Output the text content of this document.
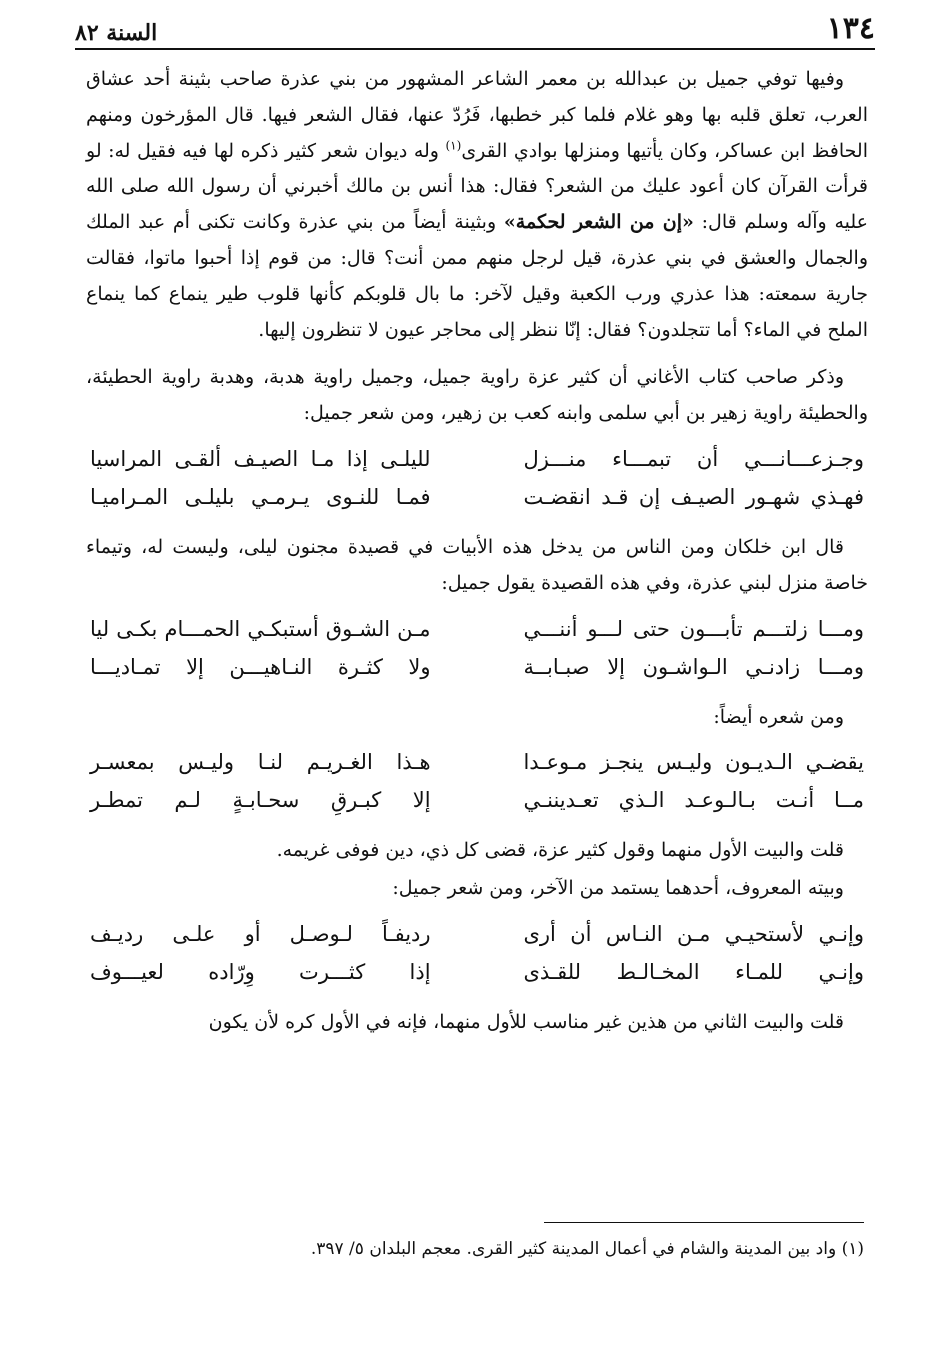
١٣٤
السنة ٨٢

وفيها توفي جميل بن عبدالله بن معمر الشاعر المشهور من بني عذرة صاحب بثينة أحد عشاق العرب، تعلق قلبه بها وهو غلام فلما كبر خطبها، فَرُدّ عنها، فقال الشعر فيها. قال المؤرخون ومنهم الحافظ ابن عساكر، وكان يأتيها ومنزلها بوادي القرى$^{(١)}$ وله ديوان شعر كثير ذكره لها فيه فقيل له: لو قرأت القرآن كان أعود عليك من الشعر؟ فقال: هذا أنس بن مالك أخبرني أن رسول الله صلى الله عليه وآله وسلم قال: «إن من الشعر لحكمة» وبثينة أيضاً من بني عذرة وكانت تكنى أم عبد الملك والجمال والعشق في بني عذرة، قيل لرجل منهم ممن أنت؟ قال: من قوم إذا أحبوا ماتوا، فقالت جارية سمعته: هذا عذري ورب الكعبة وقيل لآخر: ما بال قلوبكم كأنها قلوب طير ينماع كما ينماع الملح في الماء؟ أما تتجلدون؟ فقال: إنّا ننظر إلى محاجر عيون لا تنظرون إليها.

وذكر صاحب كتاب الأغاني أن كثير عزة راوية جميل، وجميل راوية هدبة، وهدبة راوية الحطيئة، والحطيئة راوية زهير بن أبي سلمى وابنه كعب بن زهير، ومن شعر جميل:

وجـزعـــانـــي أن تبمـــاء منـــزل
لليلـى إذا مـا الصيـف ألقـى المراسيا
فهـذي شهـور الصيـف إن قـد انقضـت
فمـا للنـوى يـرمـي بليلـى المـراميـا

قال ابن خلكان ومن الناس من يدخل هذه الأبيات في قصيدة مجنون ليلى، وليست له، وتيماء خاصة منزل لبني عذرة، وفي هذه القصيدة يقول جميل:

ومـــا زلتـــم تأبـــون حتى لـــو أننـــي
مـن الشـوق أستبكـي الحمـــام بكـى ليا
ومـــا زادنـي الـواشـون إلا صبـابــة
ولا كثـرة النـاهيـــن إلا تمـاديـــا

ومن شعره أيضاً:

يقضـي الـديـون وليـس ينجـز مـوعـدا
هـذا الغـريـم لنـا وليـس بمعسـر
مــا أنـت بـالـوعـد الـذي تعـديننـي
إلا كبـرقِ سحـابـةٍ لـم تمطـر

قلت والبيت الأول منهما وقول كثير عزة، قضى كل ذي، دين فوفى غريمه.

وبيته المعروف، أحدهما يستمد من الآخر، ومن شعر جميل:

وإنـي لأستحيـي مـن النـاس أن أرى
رديفـاً لـوصـل أو علـى رديـف
وإنـي للمـاء المخـالـط للقـذى
إذا كثـــرت وِرّاده لعيـــوف

قلت والبيت الثاني من هذين غير مناسب للأول منهما، فإنه في الأول كره لأن يكون

(١) واد بين المدينة والشام في أعمال المدينة كثير القرى. معجم البلدان ٥/ ٣٩٧.
